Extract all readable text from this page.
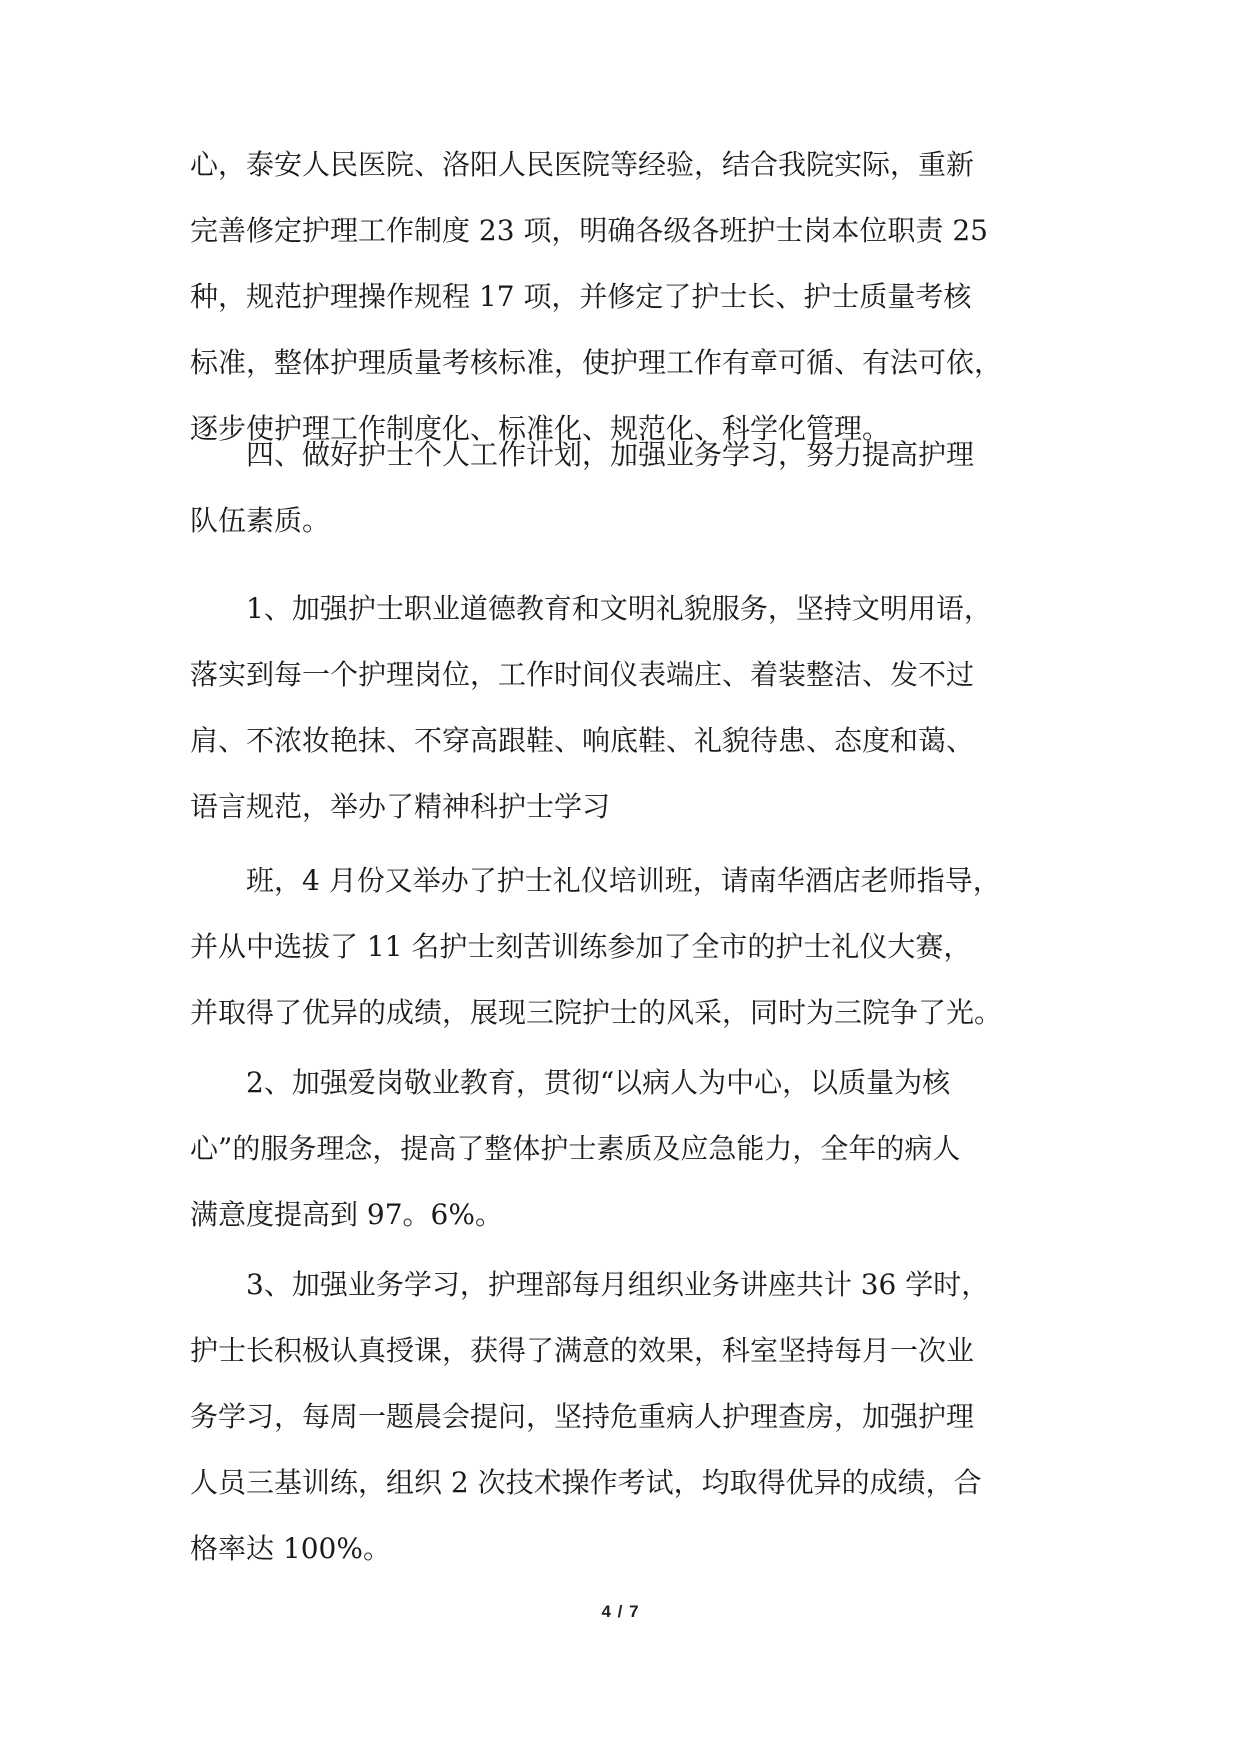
心，泰安人民医院、洛阳人民医院等经验，结合我院实际，重新
完善修定护理工作制度 23 项，明确各级各班护士岗本位职责 25
种，规范护理操作规程 17 项，并修定了护士长、护士质量考核
标准，整体护理质量考核标准，使护理工作有章可循、有法可依，
逐步使护理工作制度化、标准化、规范化、科学化管理。
四、做好护士个人工作计划，加强业务学习，努力提高护理
队伍素质。
1、加强护士职业道德教育和文明礼貌服务，坚持文明用语，
落实到每一个护理岗位，工作时间仪表端庄、着装整洁、发不过
肩、不浓妆艳抹、不穿高跟鞋、响底鞋、礼貌待患、态度和蔼、
语言规范，举办了精神科护士学习
班，4 月份又举办了护士礼仪培训班，请南华酒店老师指导，
并从中选拔了 11 名护士刻苦训练参加了全市的护士礼仪大赛，
并取得了优异的成绩，展现三院护士的风采，同时为三院争了光。
2、加强爱岗敬业教育，贯彻“以病人为中心，以质量为核
心”的服务理念，提高了整体护士素质及应急能力，全年的病人
满意度提高到 97。6%。
3、加强业务学习，护理部每月组织业务讲座共计 36 学时，
护士长积极认真授课，获得了满意的效果，科室坚持每月一次业
务学习，每周一题晨会提问，坚持危重病人护理查房，加强护理
人员三基训练，组织 2 次技术操作考试，均取得优异的成绩，合
格率达 100%。
4 / 7
